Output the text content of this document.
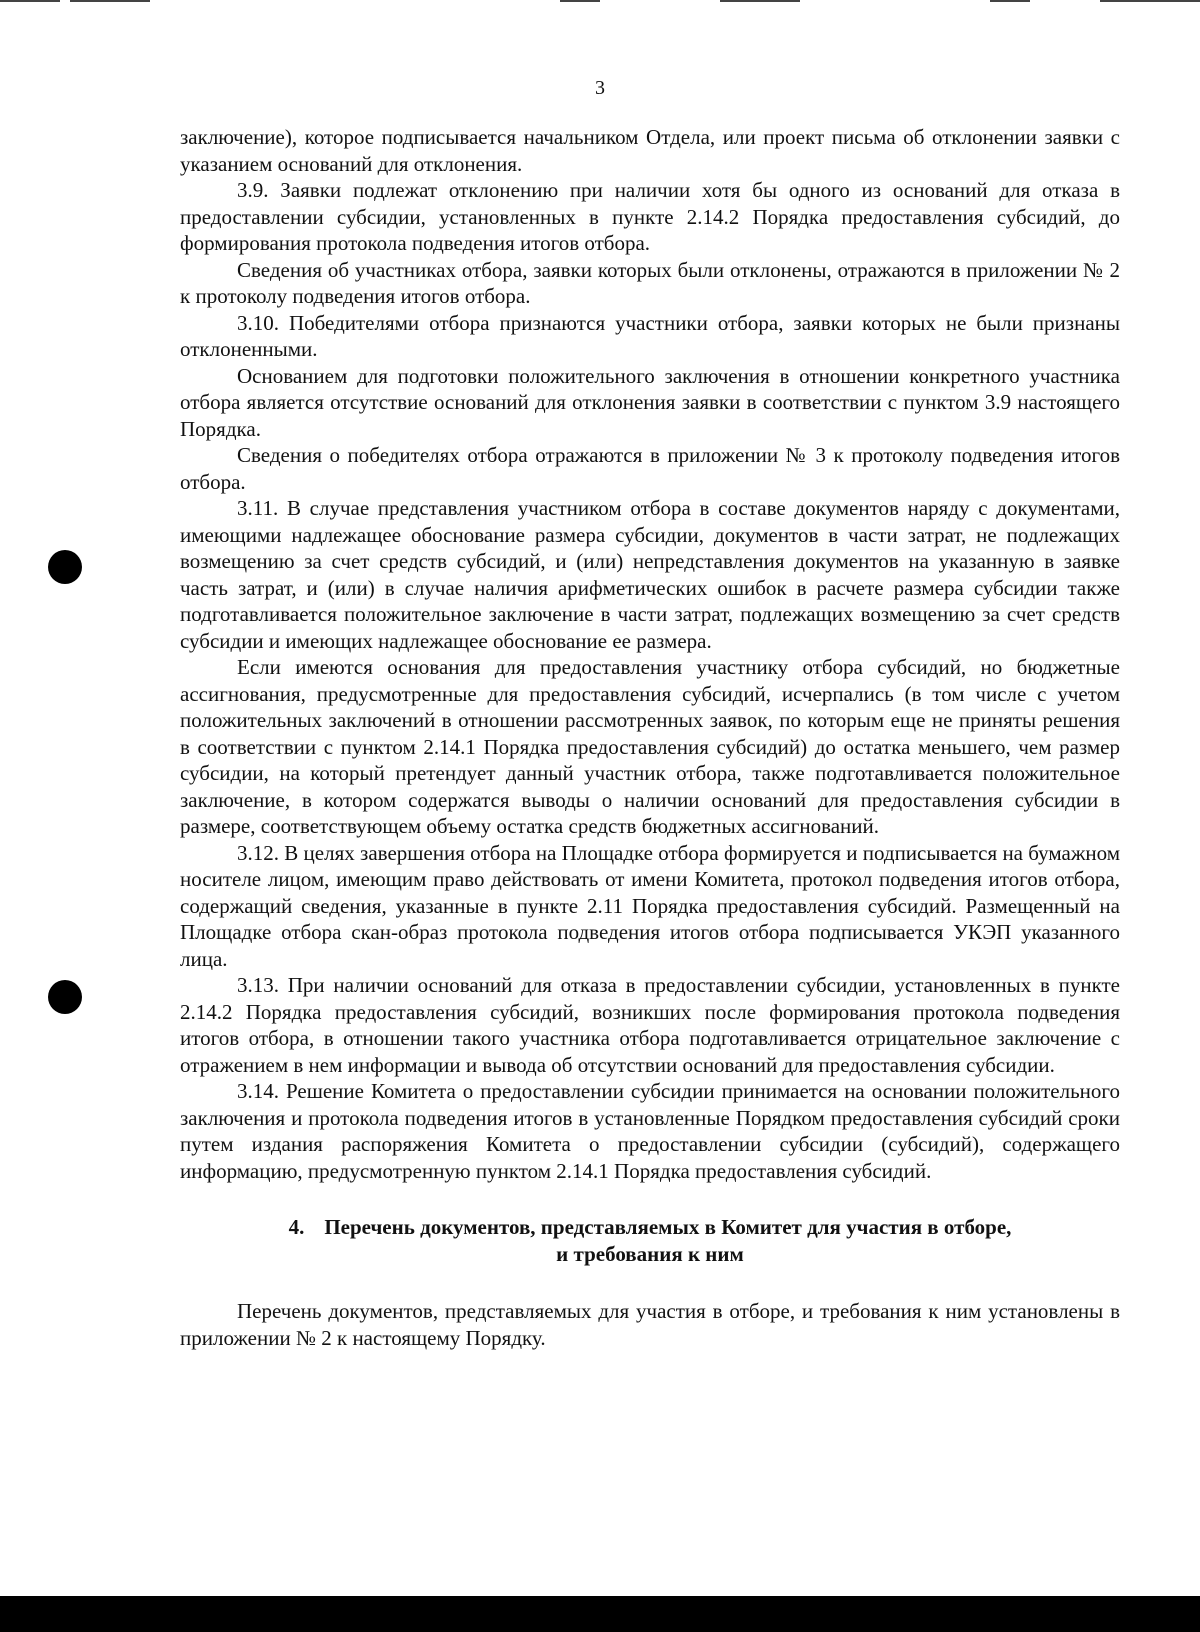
3

заключение), которое подписывается начальником Отдела, или проект письма об отклонении заявки с указанием оснований для отклонения.

3.9. Заявки подлежат отклонению при наличии хотя бы одного из оснований для отказа в предоставлении субсидии, установленных в пункте 2.14.2 Порядка предоставления субсидий, до формирования протокола подведения итогов отбора.

Сведения об участниках отбора, заявки которых были отклонены, отражаются в приложении № 2 к протоколу подведения итогов отбора.

3.10. Победителями отбора признаются участники отбора, заявки которых не были признаны отклоненными.

Основанием для подготовки положительного заключения в отношении конкретного участника отбора является отсутствие оснований для отклонения заявки в соответствии с пунктом 3.9 настоящего Порядка.

Сведения о победителях отбора отражаются в приложении № 3 к протоколу подведения итогов отбора.

3.11. В случае представления участником отбора в составе документов наряду с документами, имеющими надлежащее обоснование размера субсидии, документов в части затрат, не подлежащих возмещению за счет средств субсидий, и (или) непредставления документов на указанную в заявке часть затрат, и (или) в случае наличия арифметических ошибок в расчете размера субсидии также подготавливается положительное заключение в части затрат, подлежащих возмещению за счет средств субсидии и имеющих надлежащее обоснование ее размера.

Если имеются основания для предоставления участнику отбора субсидий, но бюджетные ассигнования, предусмотренные для предоставления субсидий, исчерпались (в том числе с учетом положительных заключений в отношении рассмотренных заявок, по которым еще не приняты решения в соответствии с пунктом 2.14.1 Порядка предоставления субсидий) до остатка меньшего, чем размер субсидии, на который претендует данный участник отбора, также подготавливается положительное заключение, в котором содержатся выводы о наличии оснований для предоставления субсидии в размере, соответствующем объему остатка средств бюджетных ассигнований.

3.12. В целях завершения отбора на Площадке отбора формируется и подписывается на бумажном носителе лицом, имеющим право действовать от имени Комитета, протокол подведения итогов отбора, содержащий сведения, указанные в пункте 2.11 Порядка предоставления субсидий. Размещенный на Площадке отбора скан-образ протокола подведения итогов отбора подписывается УКЭП указанного лица.

3.13. При наличии оснований для отказа в предоставлении субсидии, установленных в пункте 2.14.2 Порядка предоставления субсидий, возникших после формирования протокола подведения итогов отбора, в отношении такого участника отбора подготавливается отрицательное заключение с отражением в нем информации и вывода об отсутствии оснований для предоставления субсидии.

3.14. Решение Комитета о предоставлении субсидии принимается на основании положительного заключения и протокола подведения итогов в установленные Порядком предоставления субсидий сроки путем издания распоряжения Комитета о предоставлении субсидии (субсидий), содержащего информацию, предусмотренную пунктом 2.14.1 Порядка предоставления субсидий.

4. Перечень документов, представляемых в Комитет для участия в отборе,
и требования к ним

Перечень документов, представляемых для участия в отборе, и требования к ним установлены в приложении № 2 к настоящему Порядку.
